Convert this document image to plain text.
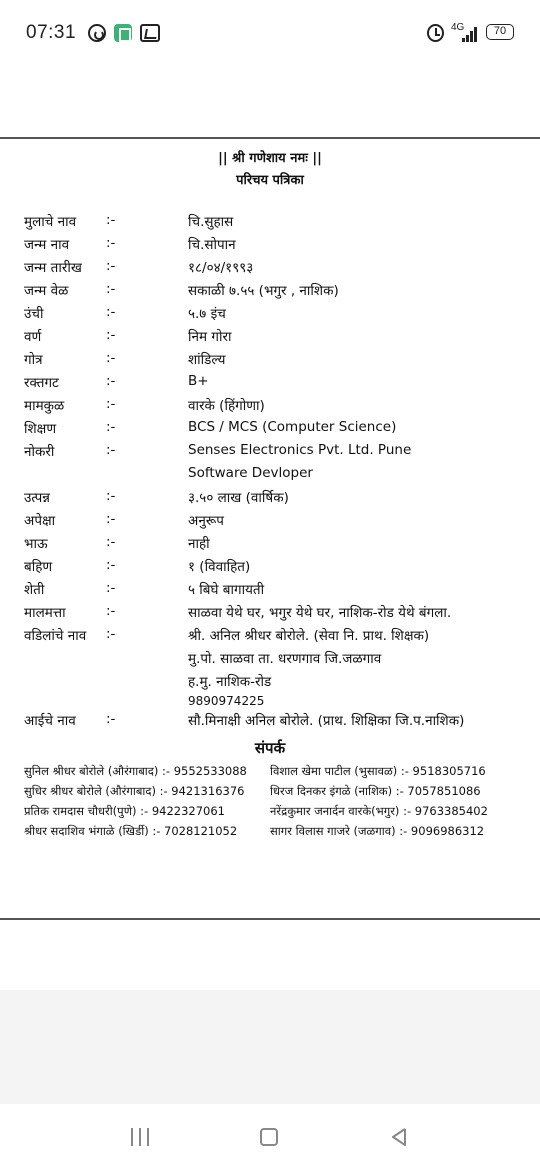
07:31	4G	70
|| श्री गणेशाय नमः ||
परिचय पत्रिका
मुलाचे नाव :-	चि.सुहास
जन्म नाव	:-	चि.सोपान
जन्म तारीख :-	१८/०४/१९९३
जन्म वेळ	:-	सकाळी ७.५५ (भगुर , नाशिक)
उंची	:-	५.७ इंच
वर्ण	:-	निम गोरा
गोत्र	:-	शांडिल्य
रक्तगट	:-	B+
मामकुळ	:-	वारके (हिंगोणा)
शिक्षण	:-	BCS / MCS (Computer Science)
नोकरी	:-	Senses Electronics Pvt. Ltd. Pune
Software Devloper
उत्पन्न	:-	३.५० लाख (वार्षिक)
अपेक्षा	:-	अनुरूप
भाऊ	:-	नाही
बहिण	:-	१ (विवाहित)
शेती	:-	५ बिघे बागायती
मालमत्ता	:-	साळवा येथे घर, भगुर येथे घर, नाशिक-रोड येथे बंगला.
वडिलांचे नाव :-	श्री. अनिल श्रीधर बोरोले. (सेवा नि. प्राथ. शिक्षक)
मु.पो. साळवा ता. धरणगाव जि.जळगाव
ह.मु. नाशिक-रोड
9890974225
आईचे नाव :-	सौ.मिनाक्षी अनिल बोरोले. (प्राथ. शिक्षिका जि.प.नाशिक)
संपर्क
सुनिल श्रीधर बोरोले (औरंगाबाद) :- 9552533088 विशाल खेमा पाटील (भुसावळ) :- 9518305716
सुधिर श्रीधर बोरोले (औरंगाबाद) :- 9421316376 धिरज दिनकर इंगळे (नाशिक) :- 7057851086
प्रतिक रामदास चौधरी(पुणे) :- 9422327061	नरेंद्रकुमार जनार्दन वारके(भगुर) :- 9763385402
श्रीधर सदाशिव भंगाळे (खिर्डी) :- 7028121052	सागर विलास गाजरे (जळगाव) :- 9096986312
